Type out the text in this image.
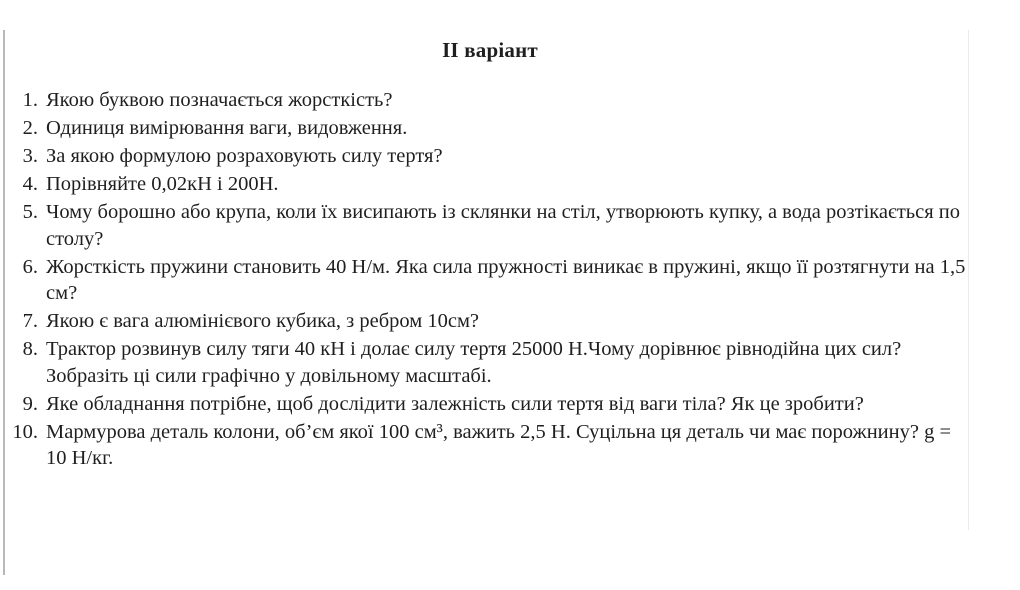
II варіант
1. Якою буквою позначається жорсткість?
2. Одиниця вимірювання ваги, видовження.
3. За якою формулою розраховують силу тертя?
4. Порівняйте 0,02кН і 200Н.
5. Чому борошно або крупа, коли їх висипають із склянки на стіл, утворюють купку, а вода розтікається по столу?
6. Жорсткість пружини становить 40 Н/м. Яка сила пружності виникає в пружині, якщо її розтягнути на 1,5 см?
7. Якою є вага алюмінієвого кубика, з ребром 10см?
8. Трактор розвинув силу тяги 40 кН і долає силу тертя 25000 Н.Чому дорівнює рівнодійна цих сил?Зобразіть ці сили графічно у довільному масштабі.
9. Яке обладнання потрібне, щоб дослідити залежність сили тертя від ваги тіла? Як це зробити?
10. Мармурова деталь колони, об’єм якої 100 см³, важить 2,5 Н. Суцільна ця деталь чи має порожнину? g = 10 Н/кг.
